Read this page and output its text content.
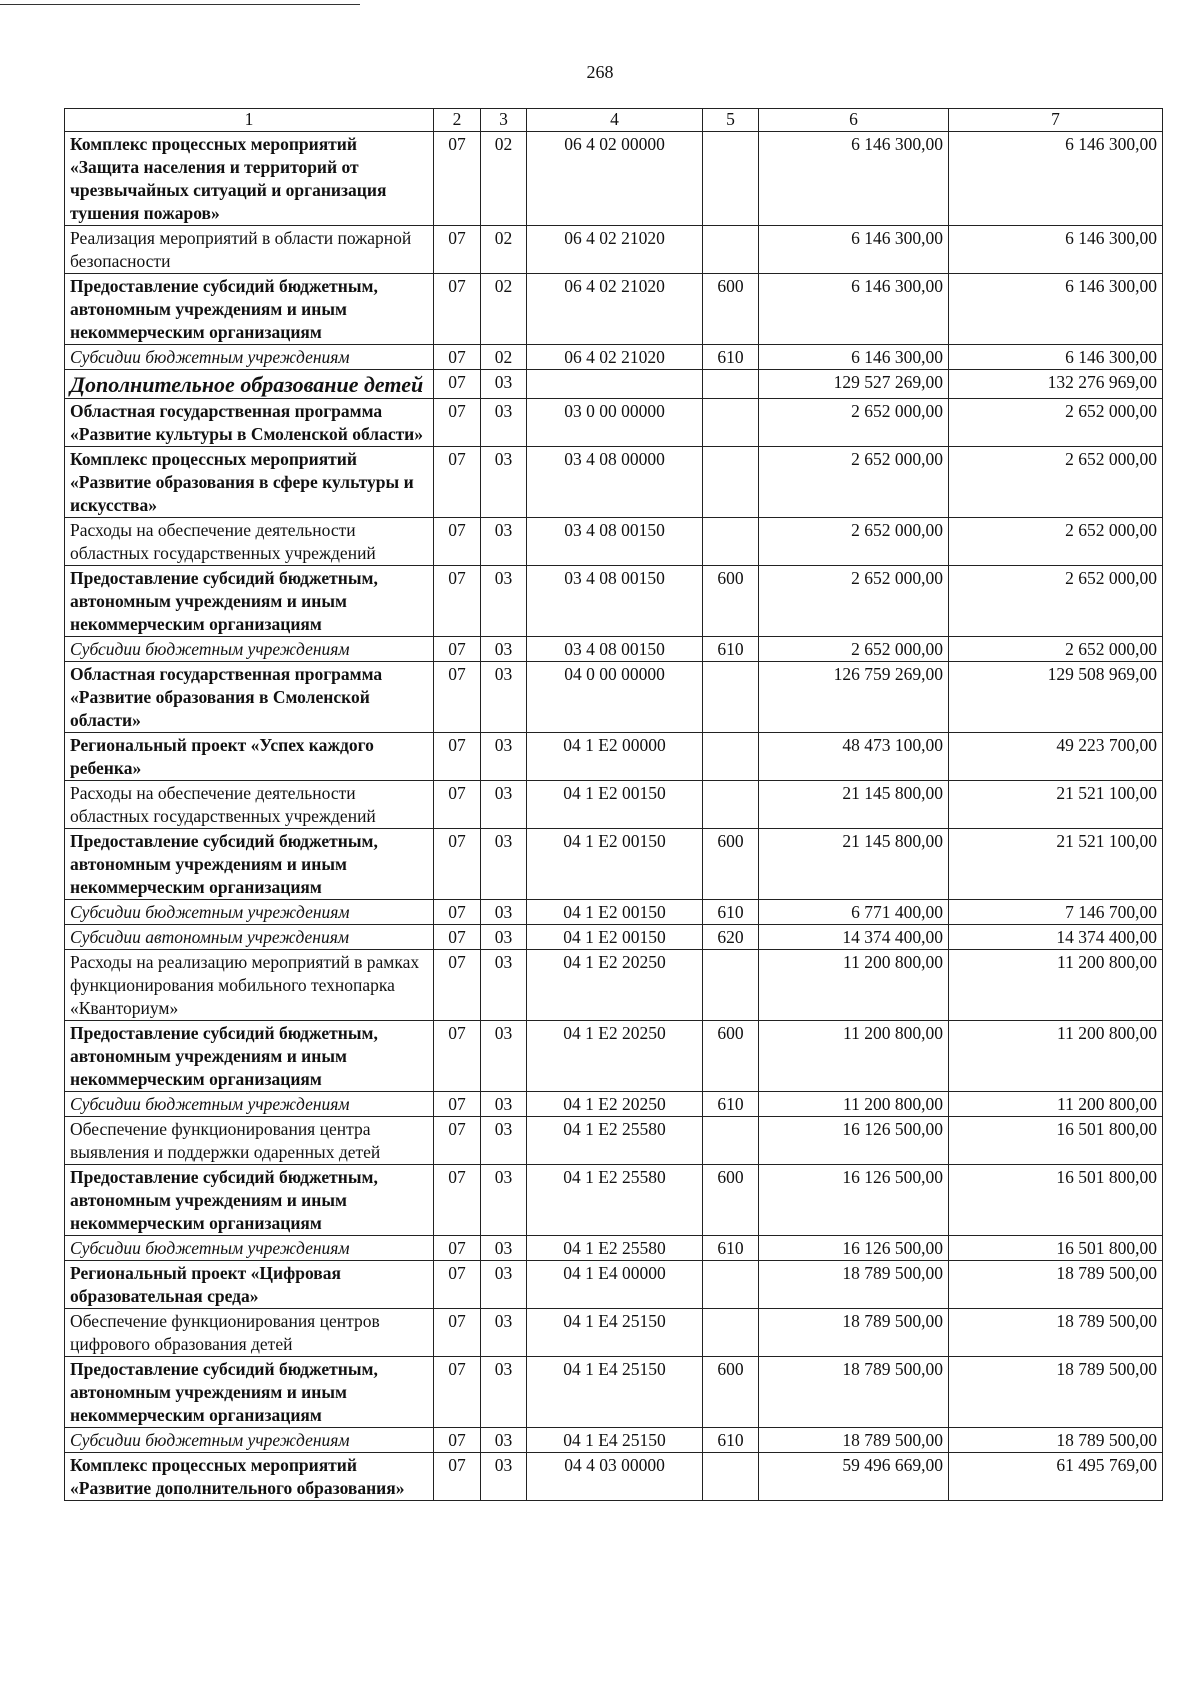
268
1	2	3	4	5	6	7
Комплекс процессных мероприятий «Защита населения и территорий от чрезвычайных ситуаций и организация тушения пожаров»	07	02	06 4 02 00000		6 146 300,00	6 146 300,00
Реализация мероприятий в области пожарной безопасности	07	02	06 4 02 21020		6 146 300,00	6 146 300,00
Предоставление субсидий бюджетным, автономным учреждениям и иным некоммерческим организациям	07	02	06 4 02 21020	600	6 146 300,00	6 146 300,00
Субсидии бюджетным учреждениям	07	02	06 4 02 21020	610	6 146 300,00	6 146 300,00
Дополнительное образование детей	07	03			129 527 269,00	132 276 969,00
Областная государственная программа «Развитие культуры в Смоленской области»	07	03	03 0 00 00000		2 652 000,00	2 652 000,00
Комплекс процессных мероприятий «Развитие образования в сфере культуры и искусства»	07	03	03 4 08 00000		2 652 000,00	2 652 000,00
Расходы на обеспечение деятельности областных государственных учреждений	07	03	03 4 08 00150		2 652 000,00	2 652 000,00
Предоставление субсидий бюджетным, автономным учреждениям и иным некоммерческим организациям	07	03	03 4 08 00150	600	2 652 000,00	2 652 000,00
Субсидии бюджетным учреждениям	07	03	03 4 08 00150	610	2 652 000,00	2 652 000,00
Областная государственная программа «Развитие образования в Смоленской области»	07	03	04 0 00 00000		126 759 269,00	129 508 969,00
Региональный проект «Успех каждого ребенка»	07	03	04 1 E2 00000		48 473 100,00	49 223 700,00
Расходы на обеспечение деятельности областных государственных учреждений	07	03	04 1 E2 00150		21 145 800,00	21 521 100,00
Предоставление субсидий бюджетным, автономным учреждениям и иным некоммерческим организациям	07	03	04 1 E2 00150	600	21 145 800,00	21 521 100,00
Субсидии бюджетным учреждениям	07	03	04 1 E2 00150	610	6 771 400,00	7 146 700,00
Субсидии автономным учреждениям	07	03	04 1 E2 00150	620	14 374 400,00	14 374 400,00
Расходы на реализацию мероприятий в рамках функционирования мобильного технопарка «Кванториум»	07	03	04 1 E2 20250		11 200 800,00	11 200 800,00
Предоставление субсидий бюджетным, автономным учреждениям и иным некоммерческим организациям	07	03	04 1 E2 20250	600	11 200 800,00	11 200 800,00
Субсидии бюджетным учреждениям	07	03	04 1 E2 20250	610	11 200 800,00	11 200 800,00
Обеспечение функционирования центра выявления и поддержки одаренных детей	07	03	04 1 E2 25580		16 126 500,00	16 501 800,00
Предоставление субсидий бюджетным, автономным учреждениям и иным некоммерческим организациям	07	03	04 1 E2 25580	600	16 126 500,00	16 501 800,00
Субсидии бюджетным учреждениям	07	03	04 1 E2 25580	610	16 126 500,00	16 501 800,00
Региональный проект «Цифровая образовательная среда»	07	03	04 1 E4 00000		18 789 500,00	18 789 500,00
Обеспечение функционирования центров цифрового образования детей	07	03	04 1 E4 25150		18 789 500,00	18 789 500,00
Предоставление субсидий бюджетным, автономным учреждениям и иным некоммерческим организациям	07	03	04 1 E4 25150	600	18 789 500,00	18 789 500,00
Субсидии бюджетным учреждениям	07	03	04 1 E4 25150	610	18 789 500,00	18 789 500,00
Комплекс процессных мероприятий «Развитие дополнительного образования»	07	03	04 4 03 00000		59 496 669,00	61 495 769,00
